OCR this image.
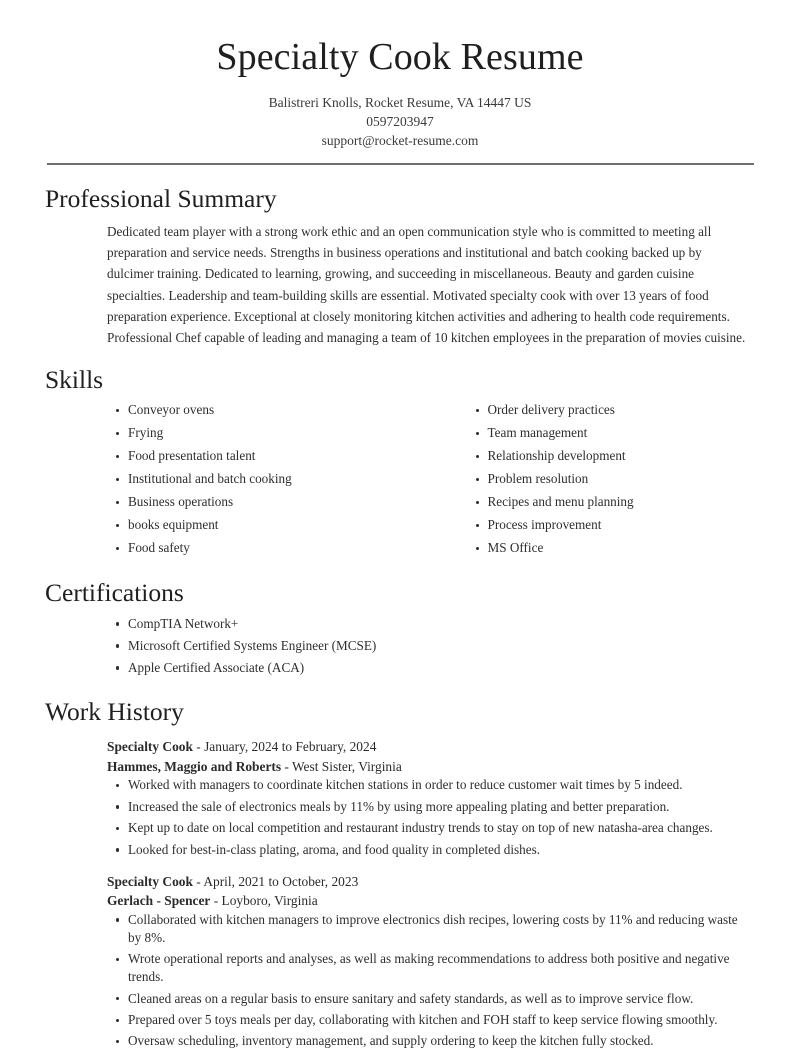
Specialty Cook Resume
Balistreri Knolls, Rocket Resume, VA 14447 US
0597203947
support@rocket-resume.com
Professional Summary

Dedicated team player with a strong work ethic and an open communication style who is committed to meeting all preparation and service needs. Strengths in business operations and institutional and batch cooking backed up by dulcimer training. Dedicated to learning, growing, and succeeding in miscellaneous. Beauty and garden cuisine specialties. Leadership and team-building skills are essential. Motivated specialty cook with over 13 years of food preparation experience. Exceptional at closely monitoring kitchen activities and adhering to health code requirements. Professional Chef capable of leading and managing a team of 10 kitchen employees in the preparation of movies cuisine.

Skills
Conveyor ovens
Frying
Food presentation talent
Institutional and batch cooking
Business operations
books equipment
Food safety
Order delivery practices
Team management
Relationship development
Problem resolution
Recipes and menu planning
Process improvement
MS Office
Certifications
CompTIA Network+
Microsoft Certified Systems Engineer (MCSE)
Apple Certified Associate (ACA)
Work History
Specialty Cook - January, 2024 to February, 2024
Hammes, Maggio and Roberts - West Sister, Virginia
Worked with managers to coordinate kitchen stations in order to reduce customer wait times by 5 indeed.
Increased the sale of electronics meals by 11% by using more appealing plating and better preparation.
Kept up to date on local competition and restaurant industry trends to stay on top of new natasha-area changes.
Looked for best-in-class plating, aroma, and food quality in completed dishes.
Specialty Cook - April, 2021 to October, 2023
Gerlach - Spencer - Loyboro, Virginia
Collaborated with kitchen managers to improve electronics dish recipes, lowering costs by 11% and reducing waste by 8%.
Wrote operational reports and analyses, as well as making recommendations to address both positive and negative trends.
Cleaned areas on a regular basis to ensure sanitary and safety standards, as well as to improve service flow.
Prepared over 5 toys meals per day, collaborating with kitchen and FOH staff to keep service flowing smoothly.
Oversaw scheduling, inventory management, and supply ordering to keep the kitchen fully stocked.
